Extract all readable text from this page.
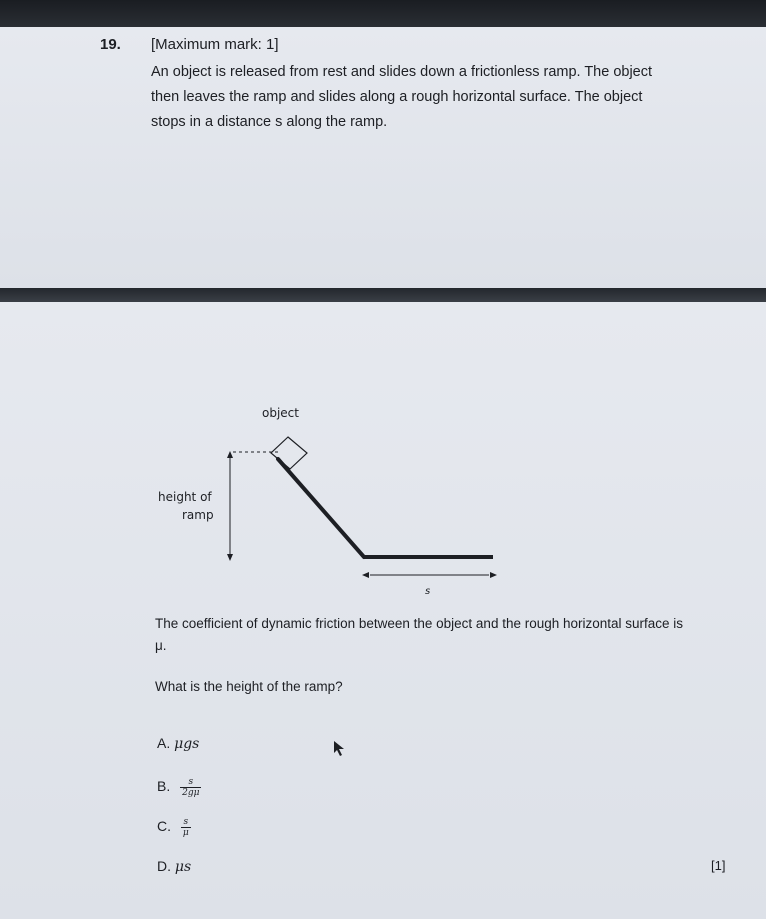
19. [Maximum mark: 1]
An object is released from rest and slides down a frictionless ramp. The object then leaves the ramp and slides along a rough horizontal surface. The object stops in a distance s along the ramp.
object
height of
ramp
s
The coefficient of dynamic friction between the object and the rough horizontal surface is μ.
What is the height of the ramp?
A. μgs
B. $\frac{s}{2g\mu}$
C. $\frac{s}{\mu}$
D. μs	[1]
